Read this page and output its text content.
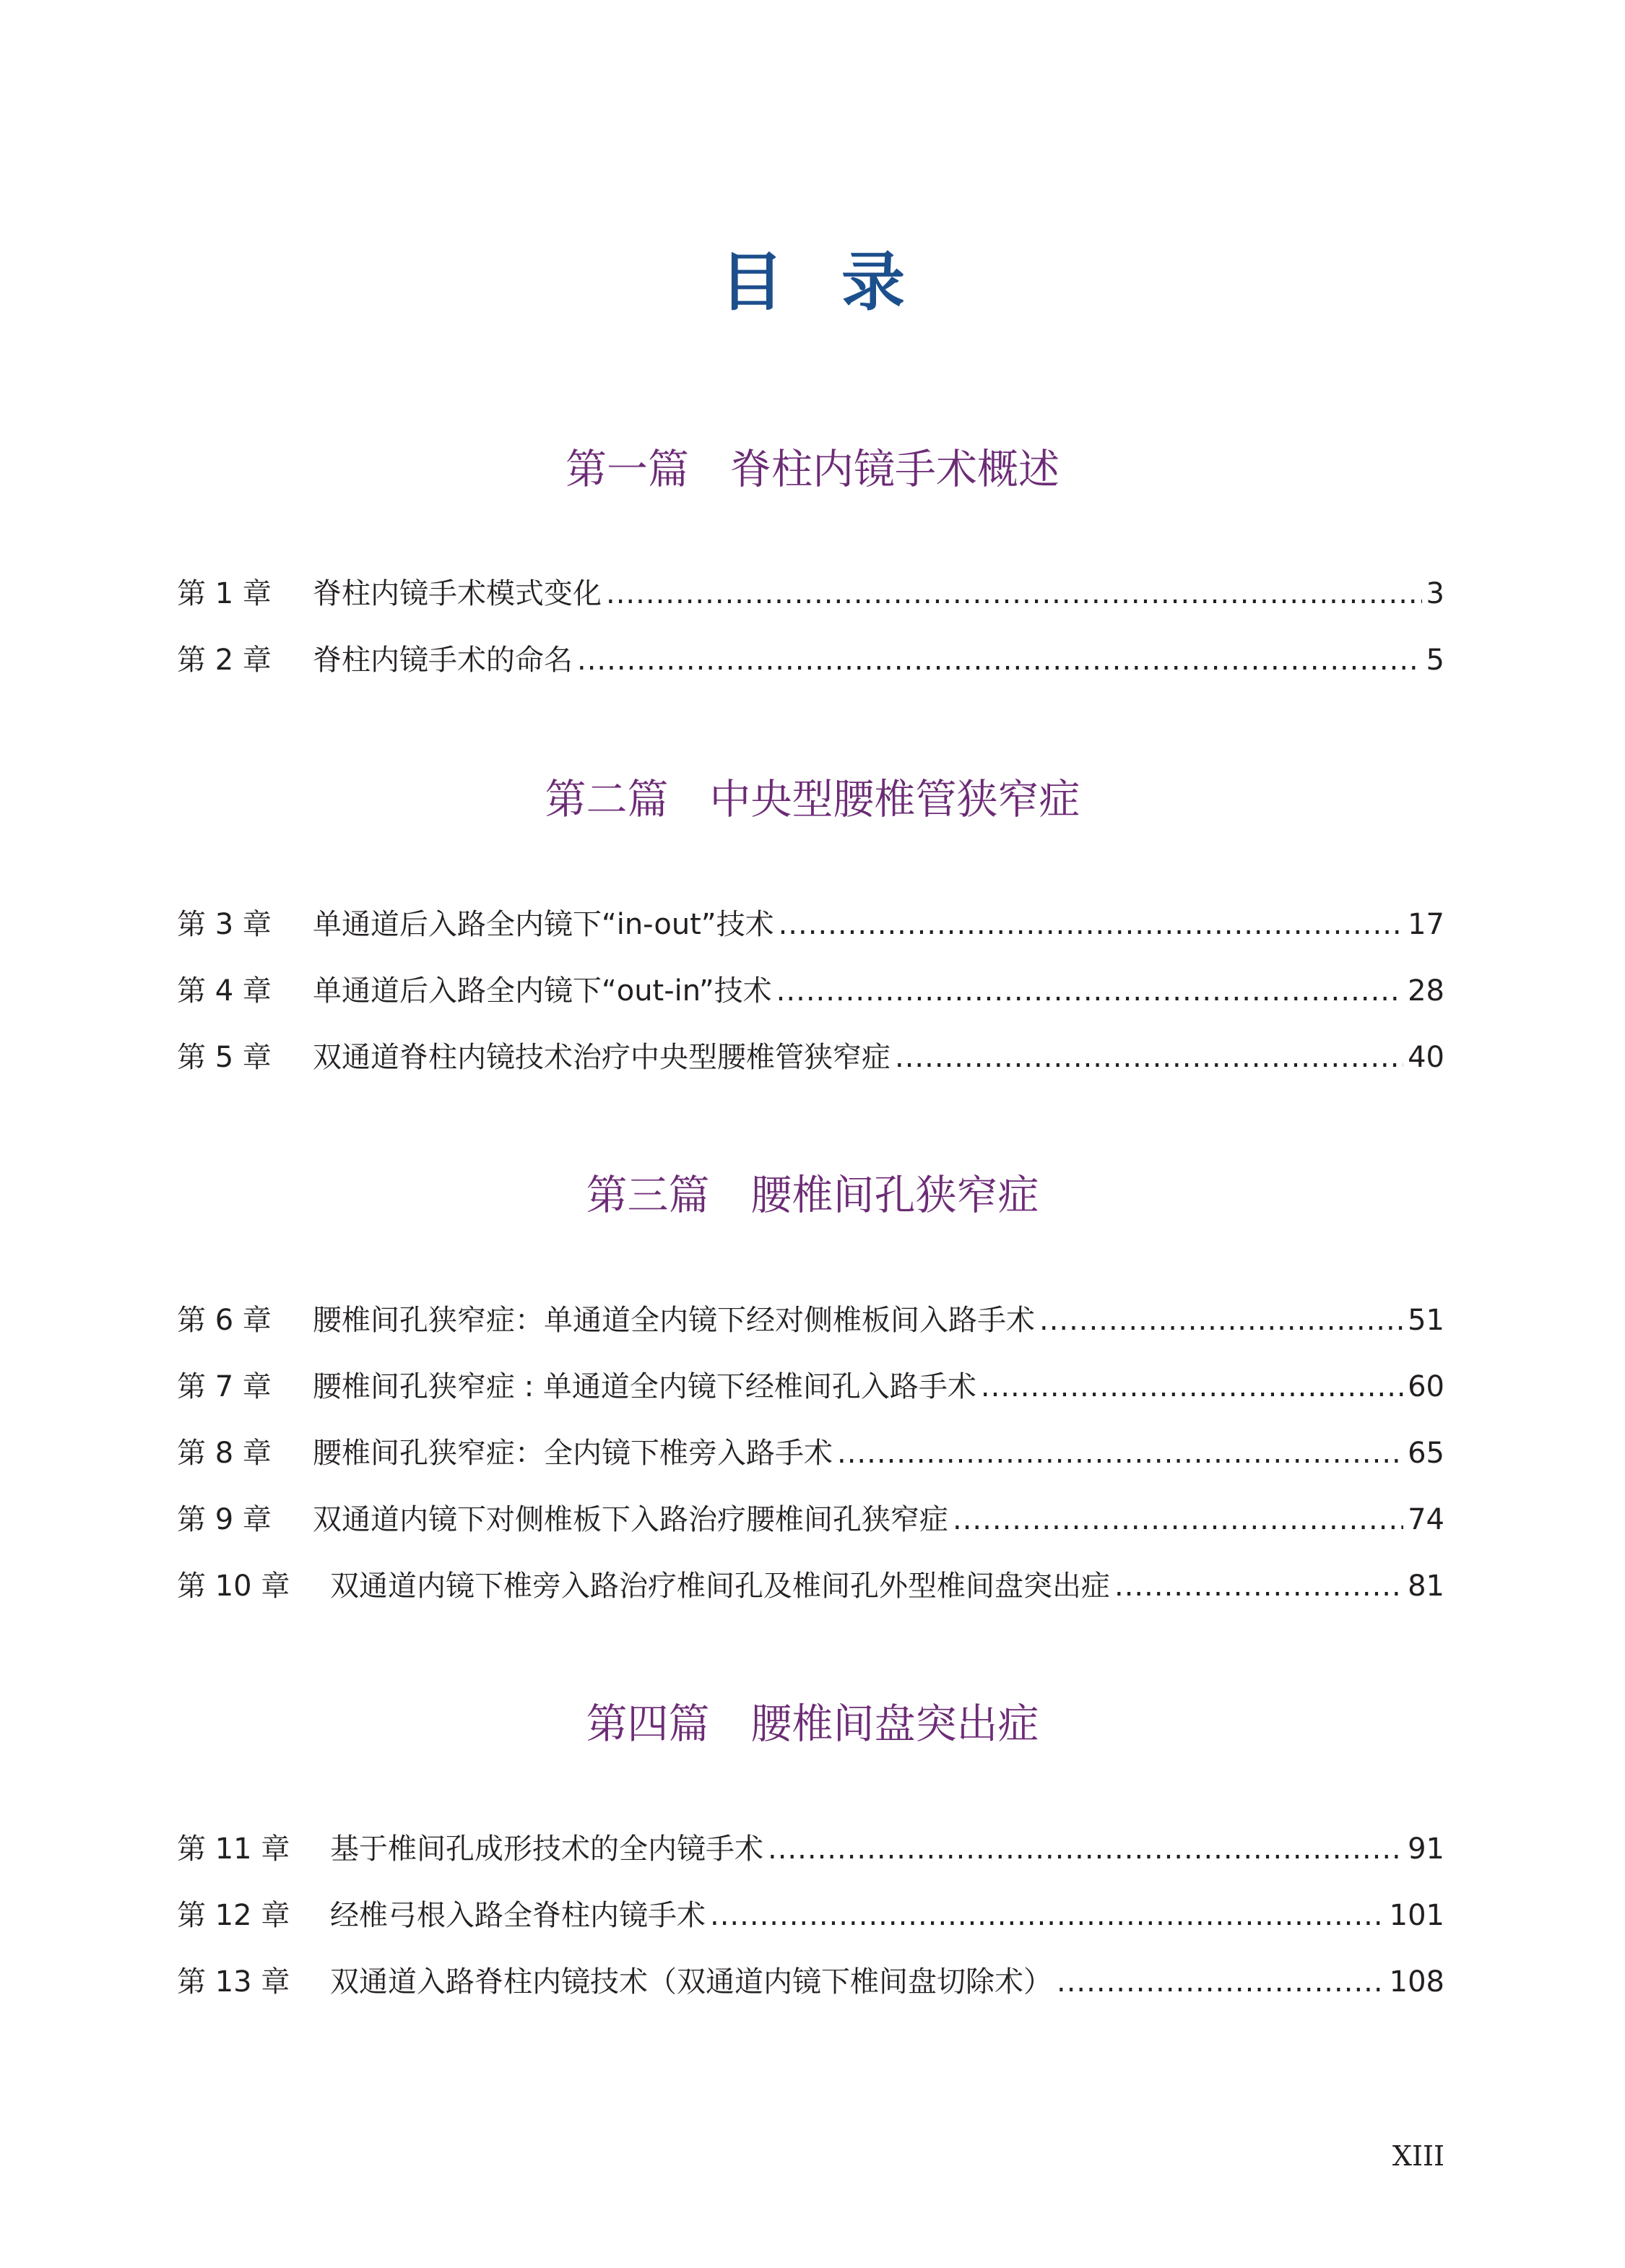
目录
第一篇　脊柱内镜手术概述
第 1 章	脊柱内镜手术模式变化 .....	3
第 2 章	脊柱内镜手术的命名 .....	5
第二篇　中央型腰椎管狭窄症
第 3 章	单通道后入路全内镜下“in-out”技术 .....	17
第 4 章	单通道后入路全内镜下“out-in”技术 .....	28
第 5 章	双通道脊柱内镜技术治疗中央型腰椎管狭窄症 .....	40
第三篇　腰椎间孔狭窄症
第 6 章	腰椎间孔狭窄症：单通道全内镜下经对侧椎板间入路手术 .....	51
第 7 章	腰椎间孔狭窄症 : 单通道全内镜下经椎间孔入路手术 .....	60
第 8 章	腰椎间孔狭窄症：全内镜下椎旁入路手术 .....	65
第 9 章	双通道内镜下对侧椎板下入路治疗腰椎间孔狭窄症 .....	74
第 10 章	双通道内镜下椎旁入路治疗椎间孔及椎间孔外型椎间盘突出症 .....	81
第四篇　腰椎间盘突出症
第 11 章	基于椎间孔成形技术的全内镜手术 .....	91
第 12 章	经椎弓根入路全脊柱内镜手术 .....	101
第 13 章	双通道入路脊柱内镜技术（双通道内镜下椎间盘切除术） .....	108
XIII
